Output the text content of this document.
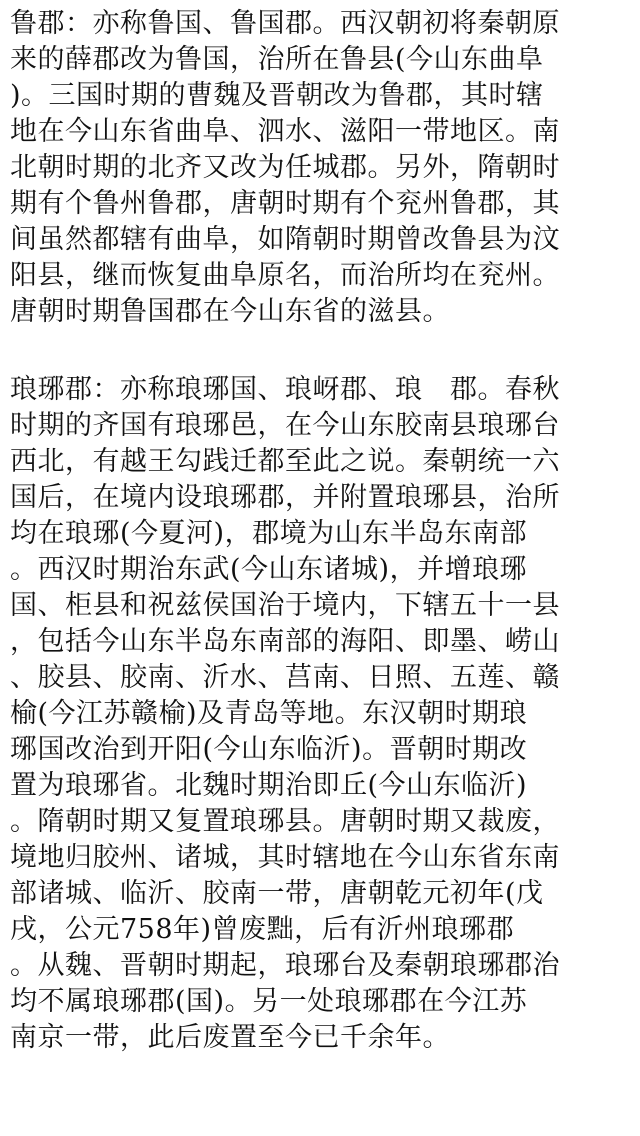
鲁郡：亦称鲁国、鲁国郡。西汉朝初将秦朝原
来的薛郡改为鲁国，治所在鲁县(今山东曲阜
)。三国时期的曹魏及晋朝改为鲁郡，其时辖
地在今山东省曲阜、泗水、滋阳一带地区。南
北朝时期的北齐又改为任城郡。另外，隋朝时
期有个鲁州鲁郡，唐朝时期有个兖州鲁郡，其
间虽然都辖有曲阜，如隋朝时期曾改鲁县为汶
阳县，继而恢复曲阜原名，而治所均在兖州。
唐朝时期鲁国郡在今山东省的滋县。
琅琊郡：亦称琅琊国、琅岈郡、琅　郡。春秋
时期的齐国有琅琊邑，在今山东胶南县琅琊台
西北，有越王勾践迁都至此之说。秦朝统一六
国后，在境内设琅琊郡，并附置琅琊县，治所
均在琅琊(今夏河)，郡境为山东半岛东南部
。西汉时期治东武(今山东诸城)，并增琅琊
国、柜县和祝兹侯国治于境内，下辖五十一县
，包括今山东半岛东南部的海阳、即墨、崂山
、胶县、胶南、沂水、莒南、日照、五莲、赣
榆(今江苏赣榆)及青岛等地。东汉朝时期琅
琊国改治到开阳(今山东临沂)。晋朝时期改
置为琅琊省。北魏时期治即丘(今山东临沂)
。隋朝时期又复置琅琊县。唐朝时期又裁废，
境地归胶州、诸城，其时辖地在今山东省东南
部诸城、临沂、胶南一带，唐朝乾元初年(戊
戌，公元758年)曾废黜，后有沂州琅琊郡
。从魏、晋朝时期起，琅琊台及秦朝琅琊郡治
均不属琅琊郡(国)。另一处琅琊郡在今江苏
南京一带，此后废置至今已千余年。
